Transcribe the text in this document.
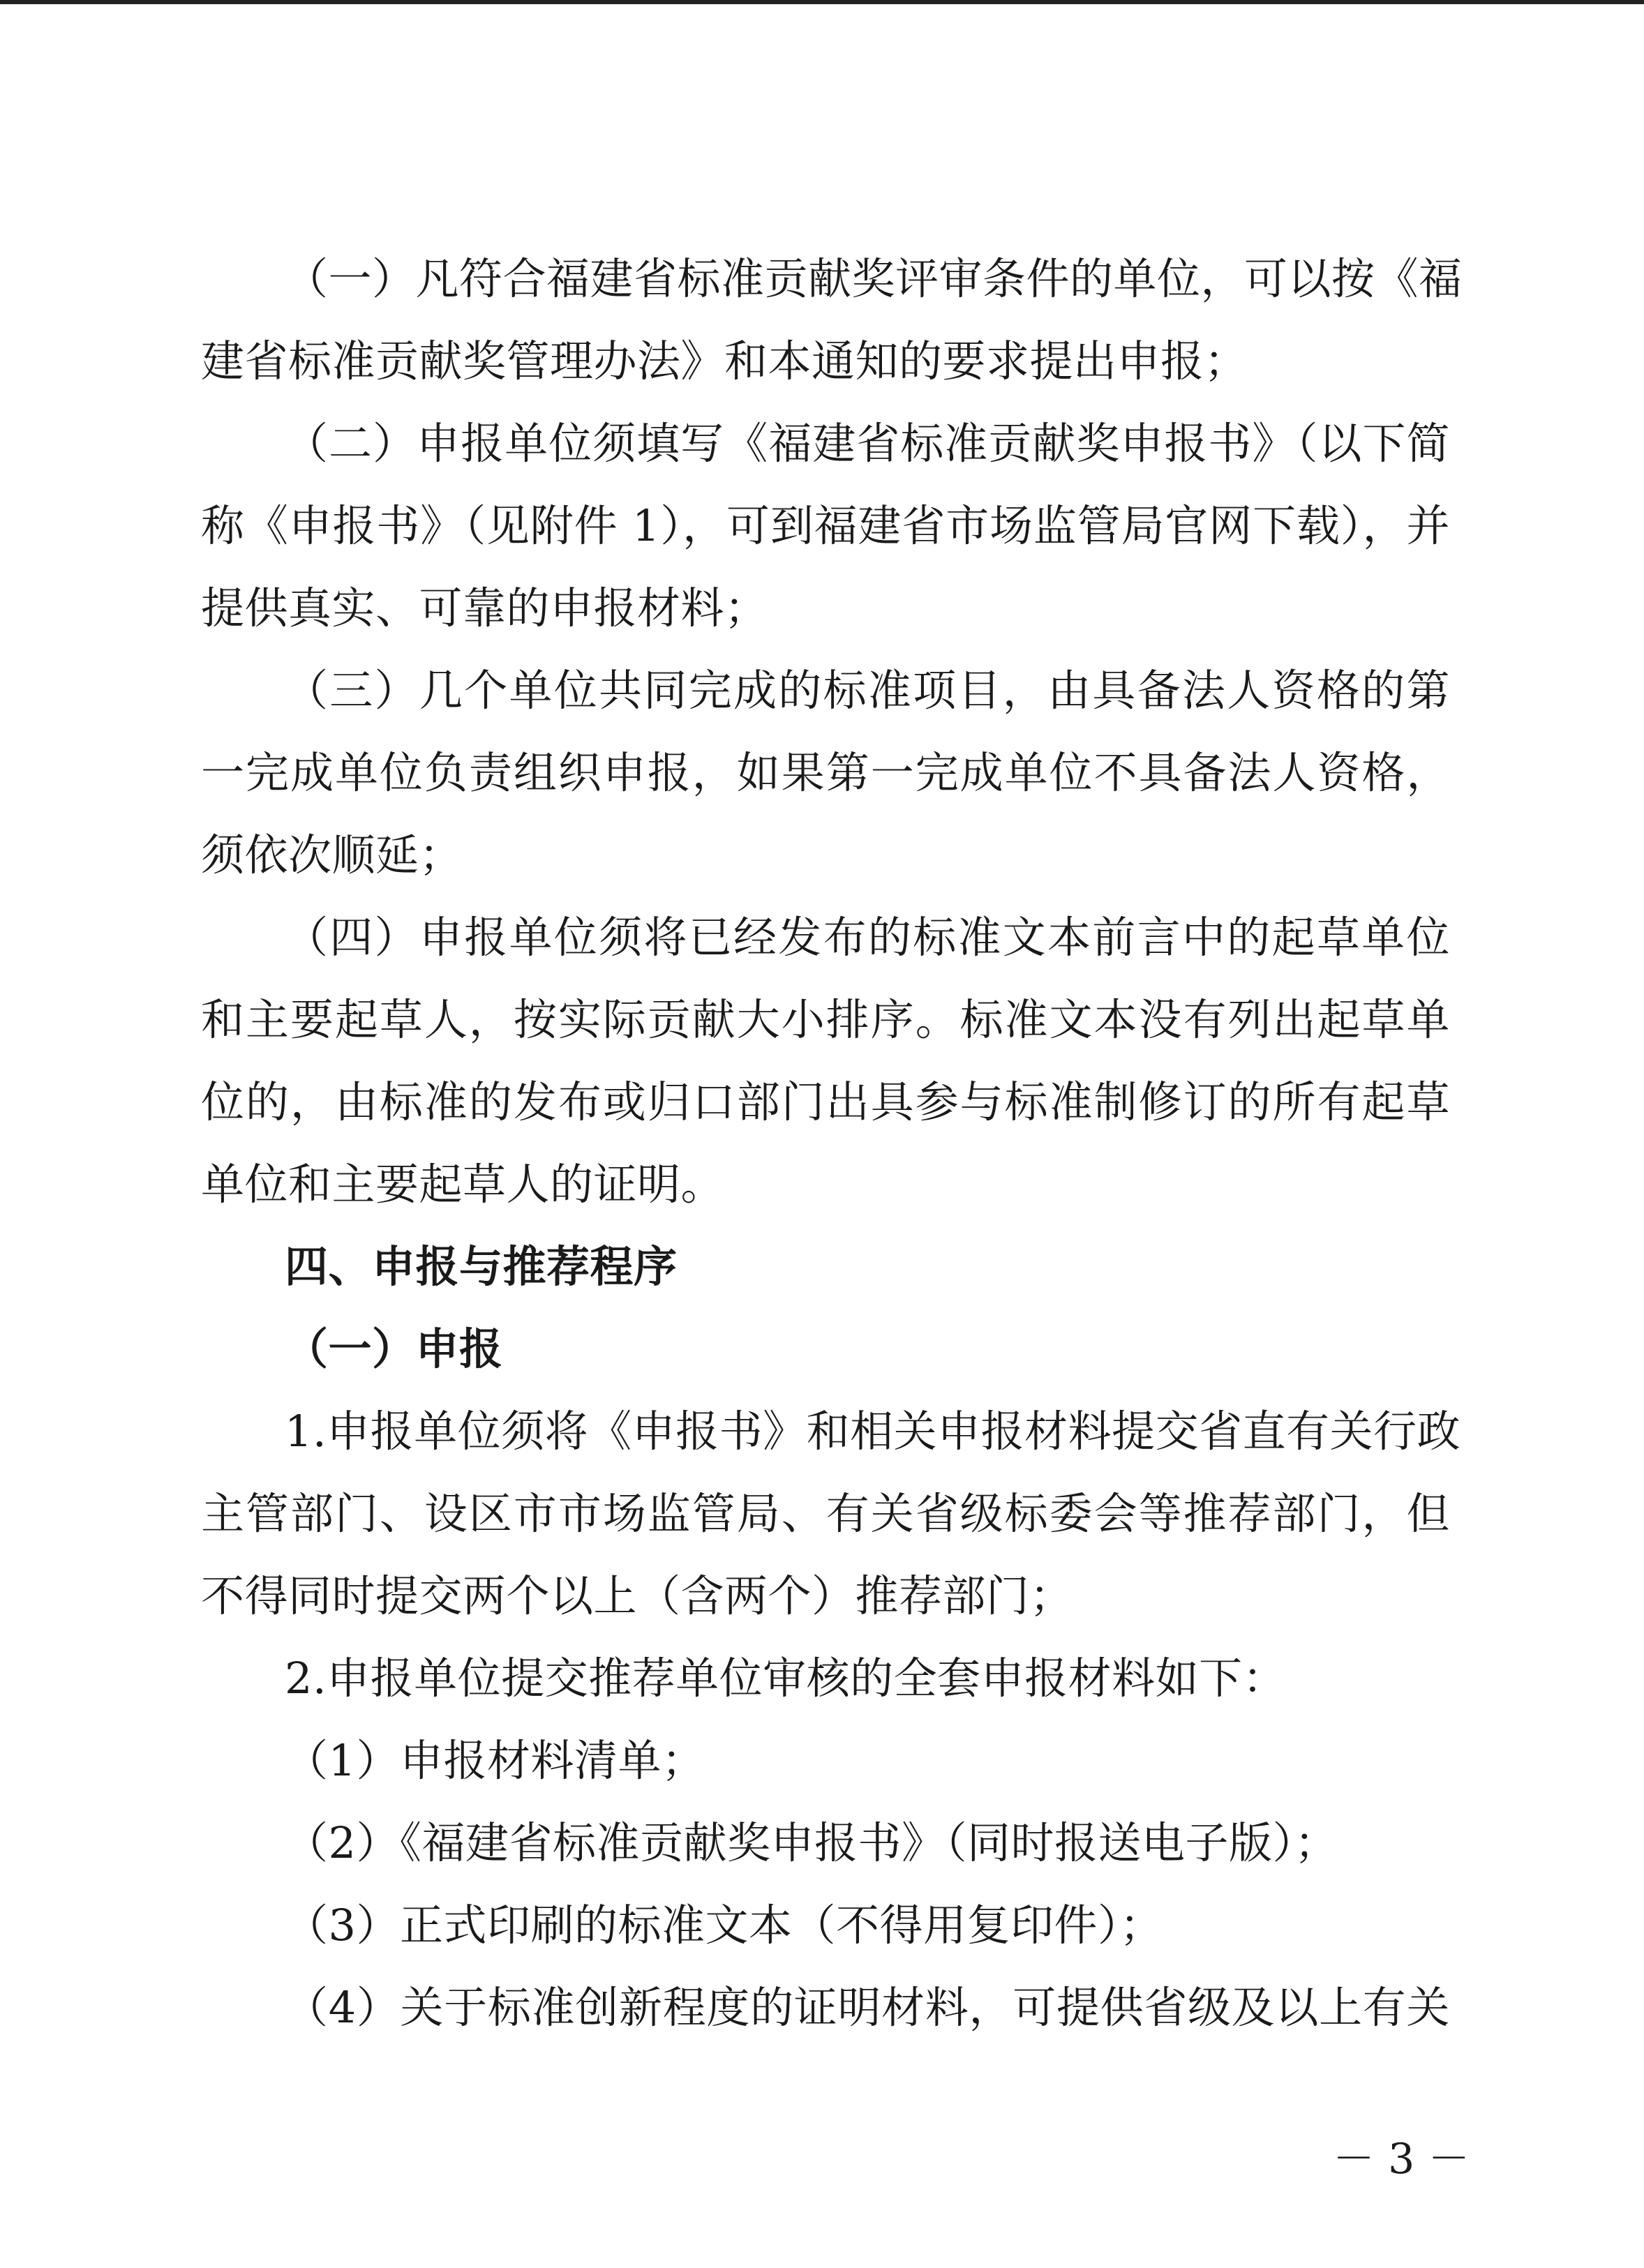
（一）凡符合福建省标准贡献奖评审条件的单位，可以按《福
建省标准贡献奖管理办法》和本通知的要求提出申报；
（二）申报单位须填写《福建省标准贡献奖申报书》（以下简
称《申报书》（见附件 1），可到福建省市场监管局官网下载），并
提供真实、可靠的申报材料；
（三）几个单位共同完成的标准项目，由具备法人资格的第
一完成单位负责组织申报，如果第一完成单位不具备法人资格，
须依次顺延；
（四）申报单位须将已经发布的标准文本前言中的起草单位
和主要起草人，按实际贡献大小排序。标准文本没有列出起草单
位的，由标准的发布或归口部门出具参与标准制修订的所有起草
单位和主要起草人的证明。
四、申报与推荐程序
（一）申报
1.申报单位须将《申报书》和相关申报材料提交省直有关行政
主管部门、设区市市场监管局、有关省级标委会等推荐部门，但
不得同时提交两个以上（含两个）推荐部门；
2.申报单位提交推荐单位审核的全套申报材料如下：
（1）申报材料清单；
（2）《福建省标准贡献奖申报书》（同时报送电子版）；
（3）正式印刷的标准文本（不得用复印件）；
（4）关于标准创新程度的证明材料，可提供省级及以上有关
－ 3 －
